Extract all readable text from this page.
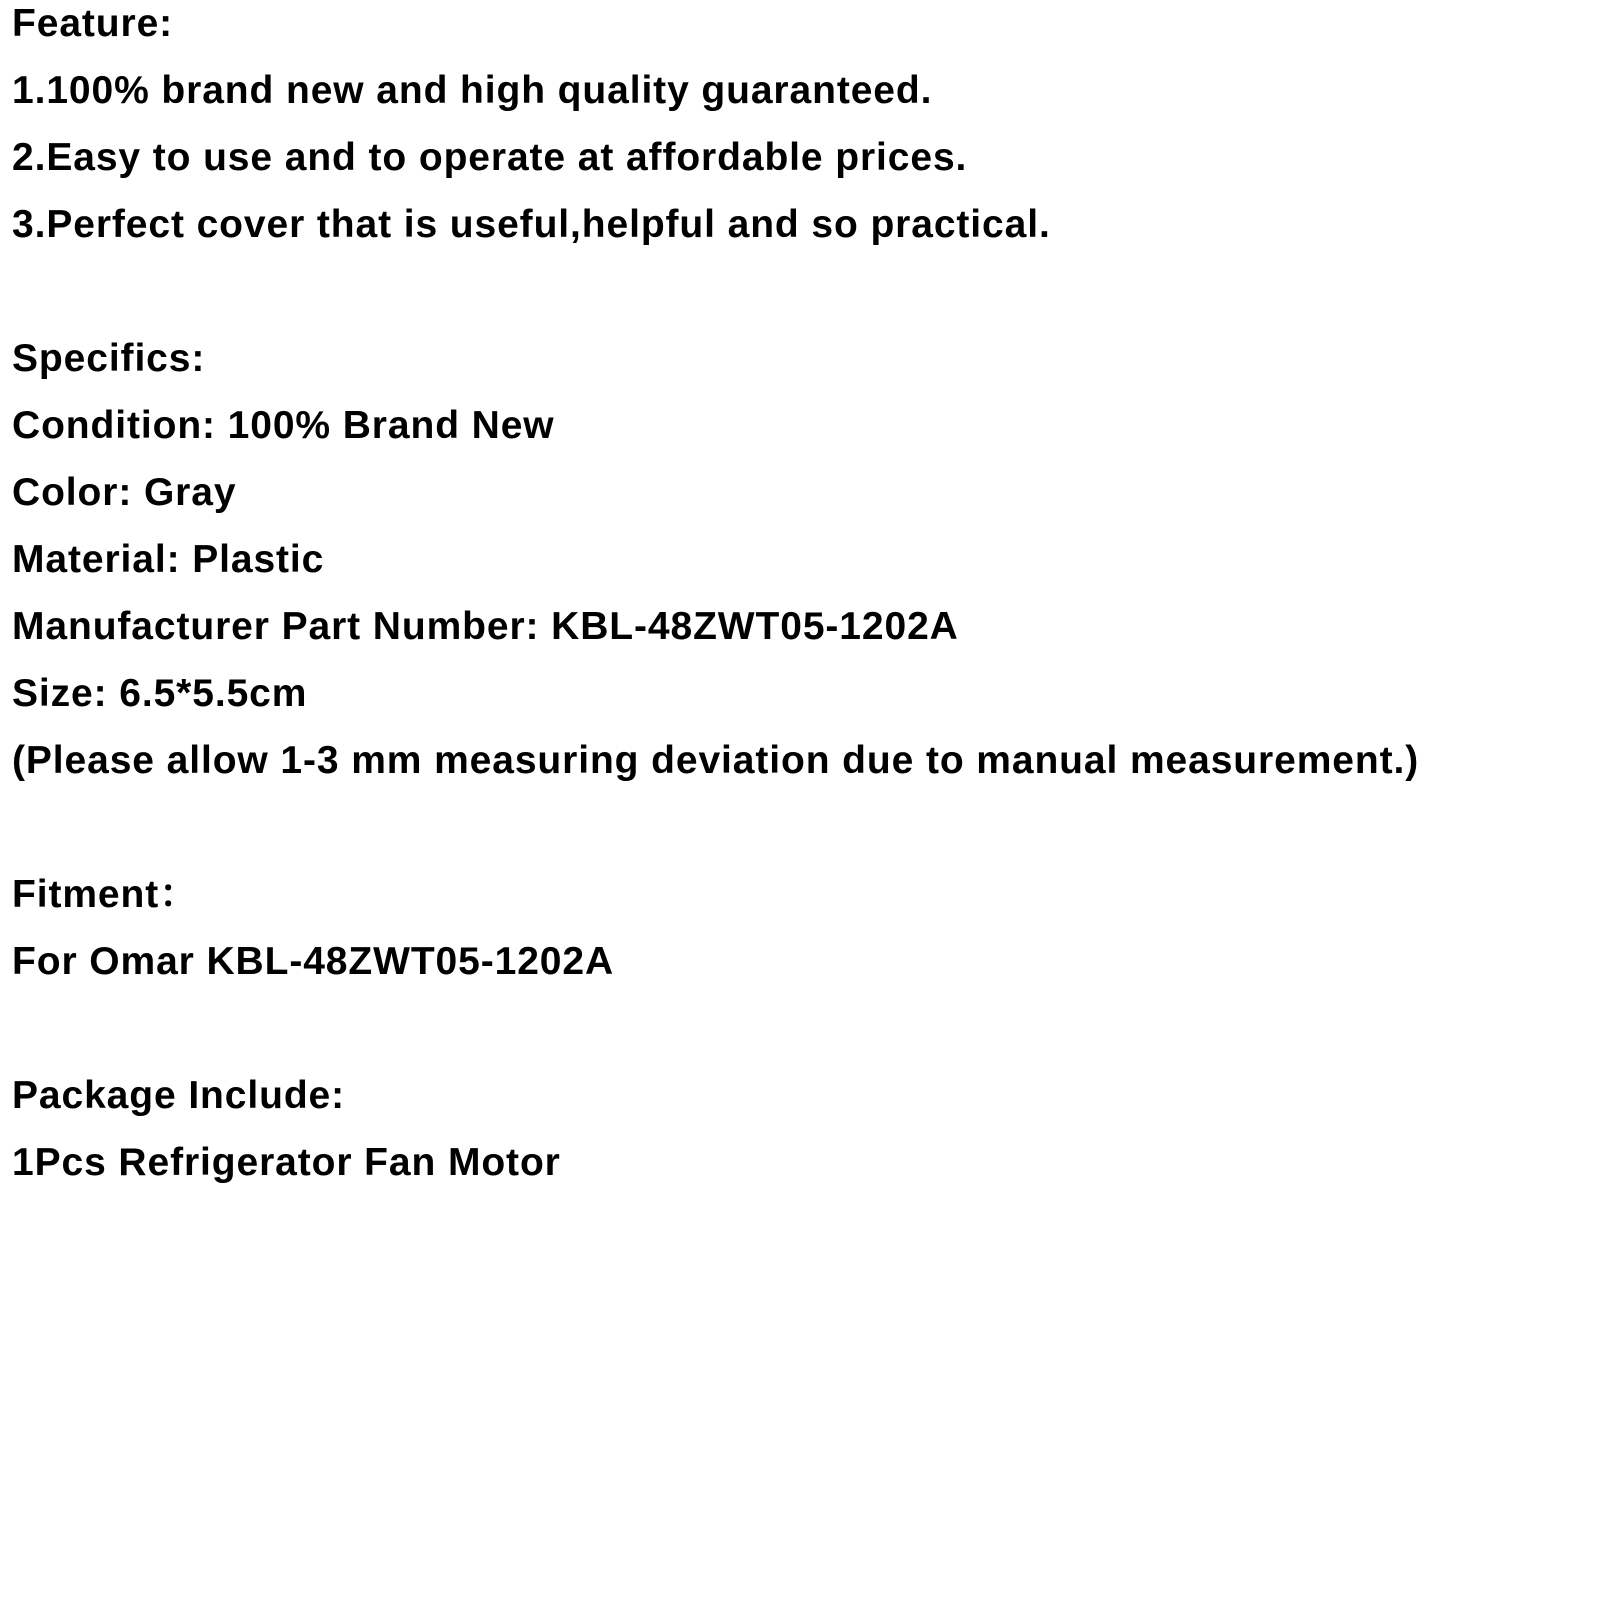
Feature:
1.100% brand new and high quality guaranteed.
2.Easy to use and to operate at affordable prices.
3.Perfect cover that is useful,helpful and so practical.
Specifics:
Condition: 100% Brand New
Color: Gray
Material: Plastic
Manufacturer Part Number: KBL-48ZWT05-1202A
Size: 6.5*5.5cm
(Please allow 1-3 mm measuring deviation due to manual measurement.)
Fitment：
For Omar KBL-48ZWT05-1202A
Package Include:
1Pcs Refrigerator Fan Motor
